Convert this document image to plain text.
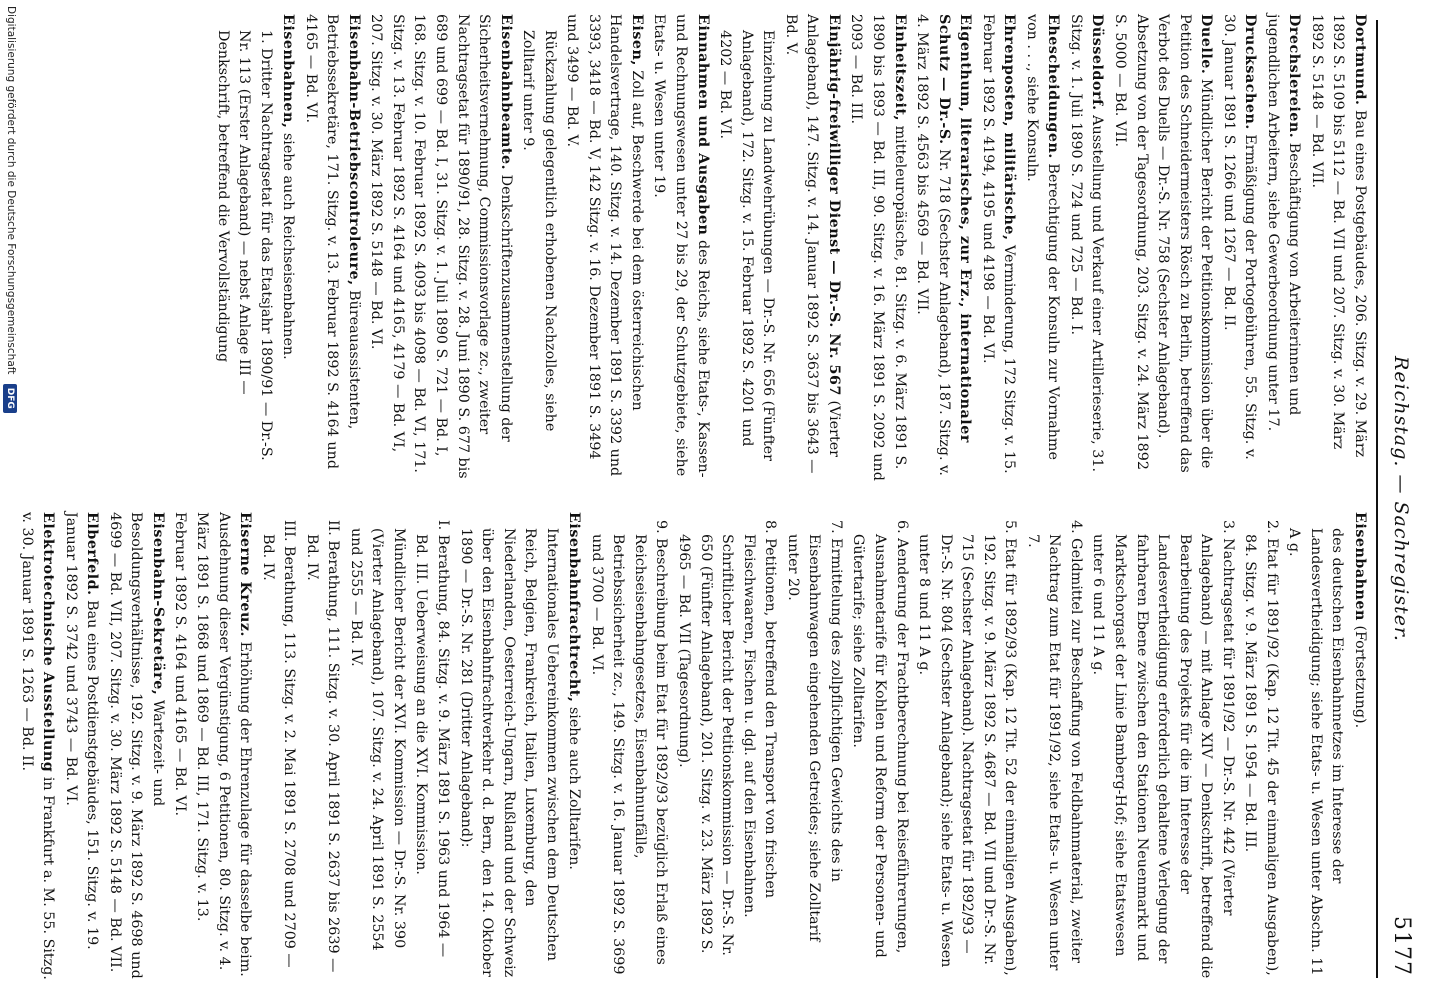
Reichstag. — Sachregister.
5177

Dortmund. Bau eines Postgebäudes, 206. Sitzg. v. 29. März 1892 S. 5109 bis 5112 — Bd. VII und 207. Sitzg. v. 30. März 1892 S. 5148 — Bd. VII.

Drechslereien. Beschäftigung von Arbeiterinnen und jugendlichen Arbeitern, siehe Gewerbeordnung unter 17.

Drucksachen. Ermäßigung der Portogebühren, 55. Sitzg. v. 30. Januar 1891 S. 1266 und 1267 — Bd. II.

Duelle. Mündlicher Bericht der Petitionskommission über die Petition des Schneidermeisters Rösch zu Berlin, betreffend das Verbot des Duells — Dr.-S. Nr. 758 (Sechster Anlageband). Absetzung von der Tagesordnung, 203. Sitzg. v. 24. März 1892 S. 5000 — Bd. VII.

Düsseldorf. Ausstellung und Verkauf einer Artillerieserie, 31. Sitzg. v. 1. Juli 1890 S. 724 und 725 — Bd. I.

Ehescheidungen. Berechtigung der Konsuln zur Vornahme von . . ., siehe Konsuln.

Ehrenposten, militärische, Verminderung, 172 Sitzg. v. 15. Februar 1892 S. 4194, 4195 und 4198 — Bd. VI.

Eigenthum, literarisches, zur Erz., internationaler Schutz — Dr.-S. Nr. 718 (Sechster Anlageband), 187. Sitzg. v. 4. März 1892 S. 4563 bis 4569 — Bd. VII.

Einheitszeit, mitteleuropäische, 81. Sitzg. v. 6. März 1891 S. 1890 bis 1893 — Bd. III, 90. Sitzg. v. 16. März 1891 S. 2092 und 2093 — Bd. III.

Einjährig-freiwilliger Dienst — Dr.-S. Nr. 567 (Vierter Anlageband), 147. Sitzg. v. 14. Januar 1892 S. 3637 bis 3643 — Bd. V.

Einziehung zu Landwehrübungen — Dr.-S. Nr. 656 (Fünfter Anlageband), 172. Sitzg. v. 15. Februar 1892 S. 4201 und 4202 — Bd. VI.

Einnahmen und Ausgaben des Reichs, siehe Etats-, Kassen- und Rechnungswesen unter 27 bis 29, der Schutzgebiete, siehe Etats- u. Wesen unter 19.

Eisen, Zoll auf, Beschwerde bei dem österreichischen Handelsvertrage, 140. Sitzg. v. 14. Dezember 1891 S. 3392 und 3393, 3418 — Bd. V, 142 Sitzg. v. 16. Dezember 1891 S. 3494 und 3499 — Bd. V.

Rückzahlung gelegentlich erhobenen Nachzolles, siehe Zolltarif unter 9.

Eisenbahnbeamte. Denkschriftenzusammenstellung der Sicherheitsvernehmung, Commissionsvorlage zc., zweiter Nachtragsetat für 1890/91, 28. Sitzg. v. 28. Juni 1890 S. 677 bis 689 und 699 — Bd. I, 31. Sitzg. v. 1. Juli 1890 S. 721 — Bd. I, 168. Sitzg. v. 10. Februar 1892 S. 4093 bis 4098 — Bd. VI, 171. Sitzg. v. 13. Februar 1892 S. 4164 und 4165, 4179 — Bd. VI, 207. Sitzg. v. 30. März 1892 S. 5148 — Bd. VI.

Eisenbahn-Betriebscontroleure, Büreauassistenten, Betriebssekretäre, 171. Sitzg. v. 13. Februar 1892 S. 4164 und 4165 — Bd. VI.

Eisenbahnen, siehe auch Reichseisenbahnen.

1. Dritter Nachtragsetat für das Etatsjahr 1890/91 — Dr.-S. Nr. 113 (Erster Anlageband) — nebst Anlage III — Denkschrift, betreffend die Vervollständigung

Eisenbahnen (Fortsetzung).

des deutschen Eisenbahnnetzes im Interesse der Landesvertheidigung; siehe Etats- u. Wesen unter Abschn. 11 A g.

2. Etat für 1891/92 (Kap. 12 Tit. 45 der einmaligen Ausgaben), 84. Sitzg. v. 9. März 1891 S. 1954 — Bd. III.

3. Nachtragsetat für 1891/92 — Dr.-S. Nr. 442 (Vierter Anlageband) — mit Anlage XIV — Denkschrift, betreffend die Bearbeitung des Projekts für die im Interesse der Landesvertheidigung erforderlich gehaltene Verlegung der fahrbaren Ebene zwischen den Stationen Neuenmarkt und Marktschorgast der Linie Bamberg-Hof; siehe Etatswesen unter 6 und 11 A g.

4. Geldmittel zur Beschaffung von Feldbahnmaterial, zweiter Nachtrag zum Etat für 1891/92, siehe Etats- u. Wesen unter 7.

5. Etat für 1892/93 (Kap. 12 Tit. 52 der einmaligen Ausgaben), 192. Sitzg. v. 9. März 1892 S. 4687 — Bd. VII und Dr.-S. Nr. 715 (Sechster Anlageband). Nachtragsetat für 1892/93 — Dr.-S. Nr. 804 (Sechster Anlageband); siehe Etats- u. Wesen unter 8 und 11 A g.

6. Aenderung der Frachtberechnung bei Reiseführerungen, Ausnahmetarife für Kohlen und Reform der Personen- und Gütertarife; siehe Zolltarifen.

7. Ermittelung des zollpflichtigen Gewichts des in Eisenbahnwagen eingehenden Getreides; siehe Zolltarif unter 20.

8. Petitionen, betreffend den Transport von frischen Fleischwaaren, Fischen u. dgl. auf den Eisenbahnen. Schriftlicher Bericht der Petitionskommission — Dr.-S. Nr. 650 (Fünfter Anlageband), 201. Sitzg. v. 23. März 1892 S. 4965 — Bd. VII (Tagesordnung).

9. Beschreibung beim Etat für 1892/93 bezüglich Erlaß eines Reichseisenbahngesetzes, Eisenbahnunfälle, Betriebssicherheit zc., 149. Sitzg. v. 16. Januar 1892 S. 3699 und 3700 — Bd. VI.

Eisenbahnfrachtrecht, siehe auch Zolltarifen.

Internationales Uebereinkommen zwischen dem Deutschen Reich, Belgien, Frankreich, Italien, Luxemburg, den Niederlanden, Oesterreich-Ungarn, Rußland und der Schweiz über den Eisenbahnfrachtverkehr d. d. Bern, den 14. Oktober 1890 — Dr.-S. Nr. 281 (Dritter Anlageband):

I. Berathung, 84. Sitzg. v. 9. März 1891 S. 1963 und 1964 — Bd. III. Ueberweisung an die XVI. Kommission.

Mündlicher Bericht der XVI. Kommission — Dr.-S. Nr. 390 (Vierter Anlageband), 107. Sitzg. v. 24. April 1891 S. 2554 und 2555 — Bd. IV.

II. Berathung, 111. Sitzg. v. 30. April 1891 S. 2637 bis 2639 — Bd. IV.

III. Berathung, 113. Sitzg. v. 2. Mai 1891 S. 2708 und 2709 — Bd. IV.

Eiserne Kreuz. Erhöhung der Ehrenzulage für dasselbe beim. Ausdehnung dieser Vergünstigung, 6 Petitionen, 80. Sitzg. v. 4. März 1891 S. 1868 und 1869 — Bd. III, 171. Sitzg. v. 13. Februar 1892 S. 4164 und 4165 — Bd. VI.

Eisenbahn-Sekretäre, Wartezeit- und Besoldungsverhältnisse, 192. Sitzg. v. 9. März 1892 S. 4698 und 4699 — Bd. VII, 207. Sitzg. v. 30. März 1892 S. 5148 — Bd. VII.

Elberfeld. Bau eines Postdienstgebäudes, 151. Sitzg. v. 19. Januar 1892 S. 3742 und 3743 — Bd. VI.

Elektrotechnische Ausstellung in Frankfurt a. M. 55. Sitzg. v. 30. Januar 1891 S. 1263 — Bd. II.

Digitalisierung gefördert durch die Deutsche Forschungsgemeinschaft DFG
